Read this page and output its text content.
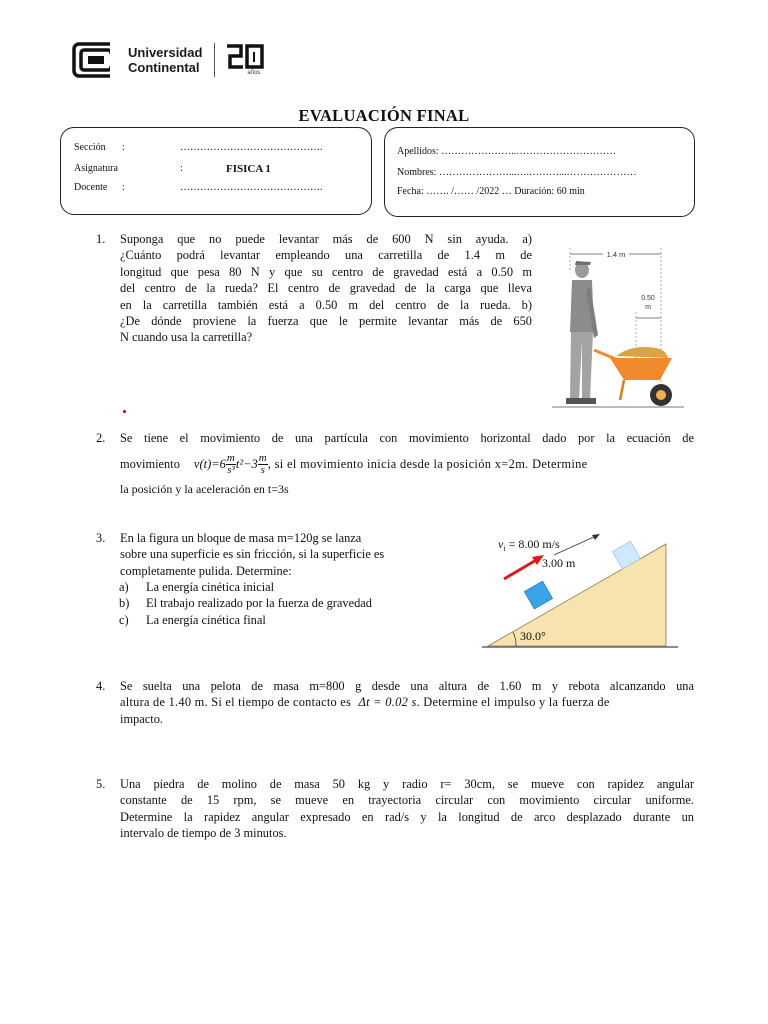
Universidad
Continental	años
EVALUACIÓN FINAL
Sección :	…………………………………….
Asignatura	:	FISICA 1
Docente :	…………………………………….
Apellidos: …………………..…………………………
Nombres: …………………...….………...…………………
Fecha: ……. /…… /2022 … Duración: 60 min
1. Suponga que no puede levantar más de 600 N sin ayuda. a)
¿Cuánto podrá levantar empleando una carretilla de 1.4 m de
longitud que pesa 80 N y que su centro de gravedad está a 0.50 m
del centro de la rueda? El centro de gravedad de la carga que lleva
en la carretilla también está a 0.50 m del centro de la rueda. b)
¿De dónde proviene la fuerza que le permite levantar más de 650
N cuando usa la carretilla?
1.4 m
0.50
m
2. Se tiene el movimiento de una partícula con movimiento horizontal dado por la ecuación de
movimiento $v(t)=6 \frac{m}{\text{s³}} t^2-3 \frac{m}{s}$ , si el movimiento inicia desde la posición x=2m. Determine
la posición y la aceleración en t=3s
3. En la figura un bloque de masa m=120g se lanza
sobre una superficie es sin fricción, si la superficie es
completamente pulida. Determine:
a) La energía cinética inicial
b) El trabajo realizado por la fuerza de gravedad
c) La energía cinética final
30.0°
$v_i = 8.00$ m/s
3.00 m
4. Se suelta una pelota de masa m=800 g desde una altura de 1.60 m y rebota alcanzando una
altura de 1.40 m. Si el tiempo de contacto es Δt = 0.02 s. Determine el impulso y la fuerza de
impacto.
5. Una piedra de molino de masa 50 kg y radio r= 30cm, se mueve con rapidez angular
constante de 15 rpm, se mueve en trayectoria circular con movimiento circular uniforme.
Determine la rapidez angular expresado en rad/s y la longitud de arco desplazado durante un
intervalo de tiempo de 3 minutos.
